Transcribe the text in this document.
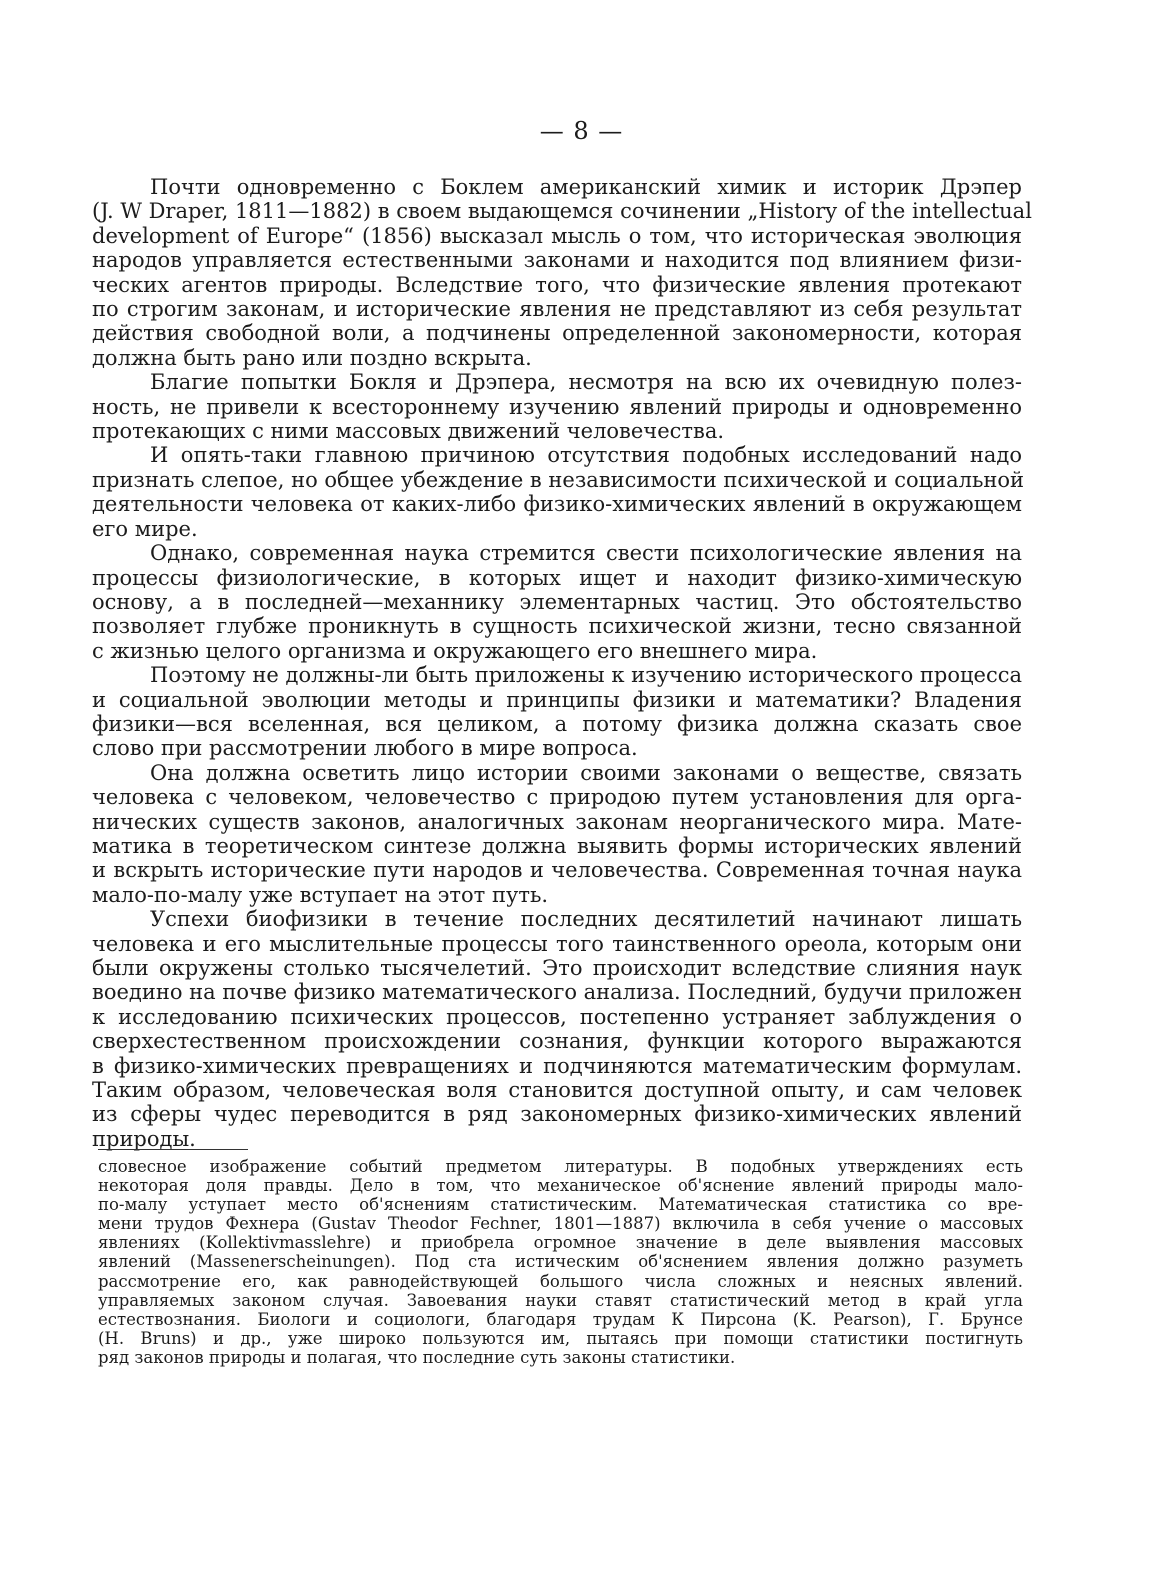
— 8 —

Почти одновременно с Боклем американский химик и историк Дрэпер
(J. W Draper, 1811—1882) в своем выдающемся сочинении „History of the intellectual
development of Europe“ (1856) высказал мысль о том, что историческая эволюция
народов управляется естественными законами и находится под влиянием физи-
ческих агентов природы. Вследствие того, что физические явления протекают
по строгим законам, и исторические явления не представляют из себя результат
действия свободной воли, а подчинены определенной закономерности, которая
должна быть рано или поздно вскрыта.

Благие попытки Бокля и Дрэпера, несмотря на всю их очевидную полез-
ность, не привели к всестороннему изучению явлений природы и одновременно
протекающих с ними массовых движений человечества.

И опять-таки главною причиною отсутствия подобных исследований надо
признать слепое, но общее убеждение в независимости психической и социальной
деятельности человека от каких-либо физико-химических явлений в окружающем
его мире.

Однако, современная наука стремится свести психологические явления на
процессы физиологические, в которых ищет и находит физико-химическую
основу, а в последней—механнику элементарных частиц. Это обстоятельство
позволяет глубже проникнуть в сущность психической жизни, тесно связанной
с жизнью целого организма и окружающего его внешнего мира.

Поэтому не должны-ли быть приложены к изучению исторического процесса
и социальной эволюции методы и принципы физики и математики? Владения
физики—вся вселенная, вся целиком, а потому физика должна сказать свое
слово при рассмотрении любого в мире вопроса.

Она должна осветить лицо истории своими законами о веществе, связать
человека с человеком, человечество с природою путем установления для орга-
нических существ законов, аналогичных законам неорганического мира. Мате-
матика в теоретическом синтезе должна выявить формы исторических явлений
и вскрыть исторические пути народов и человечества. Современная точная наука
мало-по-малу уже вступает на этот путь.

Успехи биофизики в течение последних десятилетий начинают лишать
человека и его мыслительные процессы того таинственного ореола, которым они
были окружены столько тысячелетий. Это происходит вследствие слияния наук
воедино на почве физико математического анализа. Последний, будучи приложен
к исследованию психических процессов, постепенно устраняет заблуждения о
сверхестественном происхождении сознания, функции которого выражаются
в физико-химических превращениях и подчиняются математическим формулам.
Таким образом, человеческая воля становится доступной опыту, и сам человек
из сферы чудес переводится в ряд закономерных физико-химических явлений
природы.

словесное изображение событий предметом литературы. В подобных утверждениях есть
некоторая доля правды. Дело в том, что механическое об'яснение явлений природы мало-
по-малу уступает место об'яснениям статистическим. Математическая статистика со вре-
мени трудов Фехнера (Gustav Theodor Fechner, 1801—1887) включила в себя учение о массовых
явлениях (Kollektivmasslehre) и приобрела огромное значение в деле выявления массовых
явлений (Massenerscheinungen). Под ста истическим об'яснением явления должно разуметь
рассмотрение его, как равнодействующей большого числа сложных и неясных явлений.
управляемых законом случая. Завоевания науки ставят статистический метод в край угла
естествознания. Биологи и социологи, благодаря трудам К Пирсона (K. Pearson), Г. Брунсе
(H. Bruns) и др., уже широко пользуются им, пытаясь при помощи статистики постигнуть
ряд законов природы и полагая, что последние суть законы статистики.
